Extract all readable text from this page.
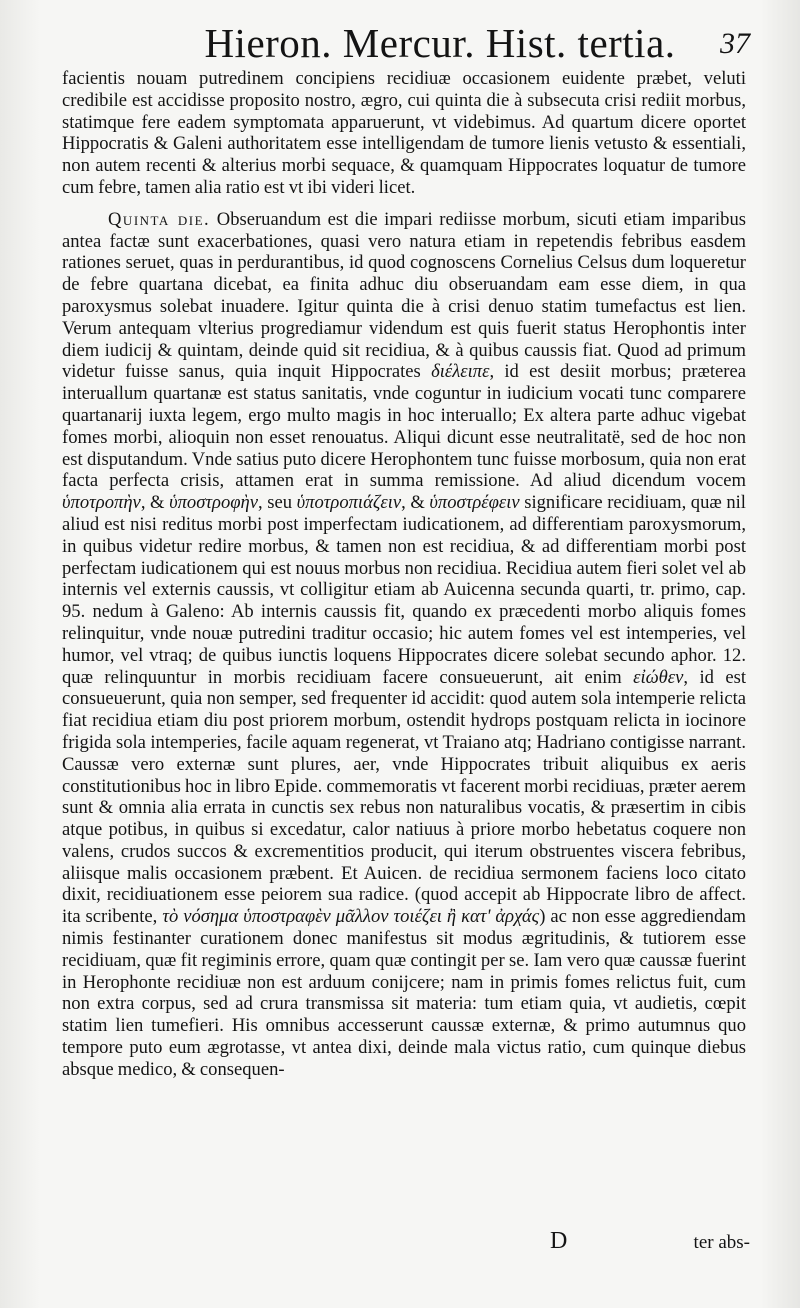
Hieron. Mercur. Hist. tertia.	37

facientis nouam putredinem concipiens recidiuæ occasionem euidente præbet, veluti credibile est accidisse proposito nostro, ægro, cui quinta die à subsecuta crisi rediit morbus, statimque fere eadem symptomata apparuerunt, vt videbimus. Ad quartum dicere oportet Hippocratis & Galeni authoritatem esse intelligendam de tumore lienis vetusto & essentiali, non autem recenti & alterius morbi sequace, & quamquam Hippocrates loquatur de tumore cum febre, tamen alia ratio est vt ibi videri licet.

Quinta die. Obseruandum est die impari rediisse morbum, sicuti etiam imparibus antea factæ sunt exacerbationes, quasi vero natura etiam in repetendis febribus easdem rationes seruet, quas in perdurantibus, id quod cognoscens Cornelius Celsus dum loqueretur de febre quartana dicebat, ea finita adhuc diu obseruandam eam esse diem, in qua paroxysmus solebat inuadere. Igitur quinta die à crisi denuo statim tumefactus est lien. Verum antequam vlterius progrediamur videndum est quis fuerit status Herophontis inter diem iudicij & quintam, deinde quid sit recidiua, & à quibus caussis fiat. Quod ad primum videtur fuisse sanus, quia inquit Hippocrates διέλειπε, id est desiit morbus; præterea interuallum quartanæ est status sanitatis, vnde coguntur in iudicium vocati tunc comparere quartanarij iuxta legem, ergo multo magis in hoc interuallo; Ex altera parte adhuc vigebat fomes morbi, alioquin non esset renouatus. Aliqui dicunt esse neutralitatë, sed de hoc non est disputandum. Vnde satius puto dicere Herophontem tunc fuisse morbosum, quia non erat facta perfecta crisis, attamen erat in summa remissione. Ad aliud dicendum vocem ὑποτροπὴν, & ὑποστροφὴν, seu ὑποτροπιάζειν, & ὑποστρέφειν significare recidiuam, quæ nil aliud est nisi reditus morbi post imperfectam iudicationem, ad differentiam paroxysmorum, in quibus videtur redire morbus, & tamen non est recidiua, & ad differentiam morbi post perfectam iudicationem qui est nouus morbus non recidiua. Recidiua autem fieri solet vel ab internis vel externis caussis, vt colligitur etiam ab Auicenna secunda quarti, tr. primo, cap. 95. nedum à Galeno: Ab internis caussis fit, quando ex præcedenti morbo aliquis fomes relinquitur, vnde nouæ putredini traditur occasio; hic autem fomes vel est intemperies, vel humor, vel vtraq; de quibus iunctis loquens Hippocrates dicere solebat secundo aphor. 12. quæ relinquuntur in morbis recidiuam facere consueuerunt, ait enim εἰώθεν, id est consueuerunt, quia non semper, sed frequenter id accidit: quod autem sola intemperie relicta fiat recidiua etiam diu post priorem morbum, ostendit hydrops postquam relicta in iocinore frigida sola intemperies, facile aquam regenerat, vt Traiano atq; Hadriano contigisse narrant. Caussæ vero externæ sunt plures, aer, vnde Hippocrates tribuit aliquibus ex aeris constitutionibus hoc in libro Epide. commemoratis vt facerent morbi recidiuas, præter aerem sunt & omnia alia errata in cunctis sex rebus non naturalibus vocatis, & præsertim in cibis atque potibus, in quibus si excedatur, calor natiuus à priore morbo hebetatus coquere non valens, crudos succos & excrementitios producit, qui iterum obstruentes viscera febribus, aliisque malis occasionem præbent. Et Auicen. de recidiua sermonem faciens loco citato dixit, recidiuationem esse peiorem sua radice. (quod accepit ab Hippocrate libro de affect. ita scribente, τὸ νόσημα ὑποστραφὲν μᾶλλον τοιέζει ἢ κατ' ἀρχάς) ac non esse aggrediendam nimis festinanter curationem donec manifestus sit modus ægritudinis, & tutiorem esse recidiuam, quæ fit regiminis errore, quam quæ contingit per se. Iam vero quæ caussæ fuerint in Herophonte recidiuæ non est arduum conijcere; nam in primis fomes relictus fuit, cum non extra corpus, sed ad crura transmissa sit materia: tum etiam quia, vt audietis, cœpit statim lien tumefieri. His omnibus accesserunt caussæ externæ, & primo autumnus quo tempore puto eum ægrotasse, vt antea dixi, deinde mala victus ratio, cum quinque diebus absque medico, & consequen-

D	ter abs-
